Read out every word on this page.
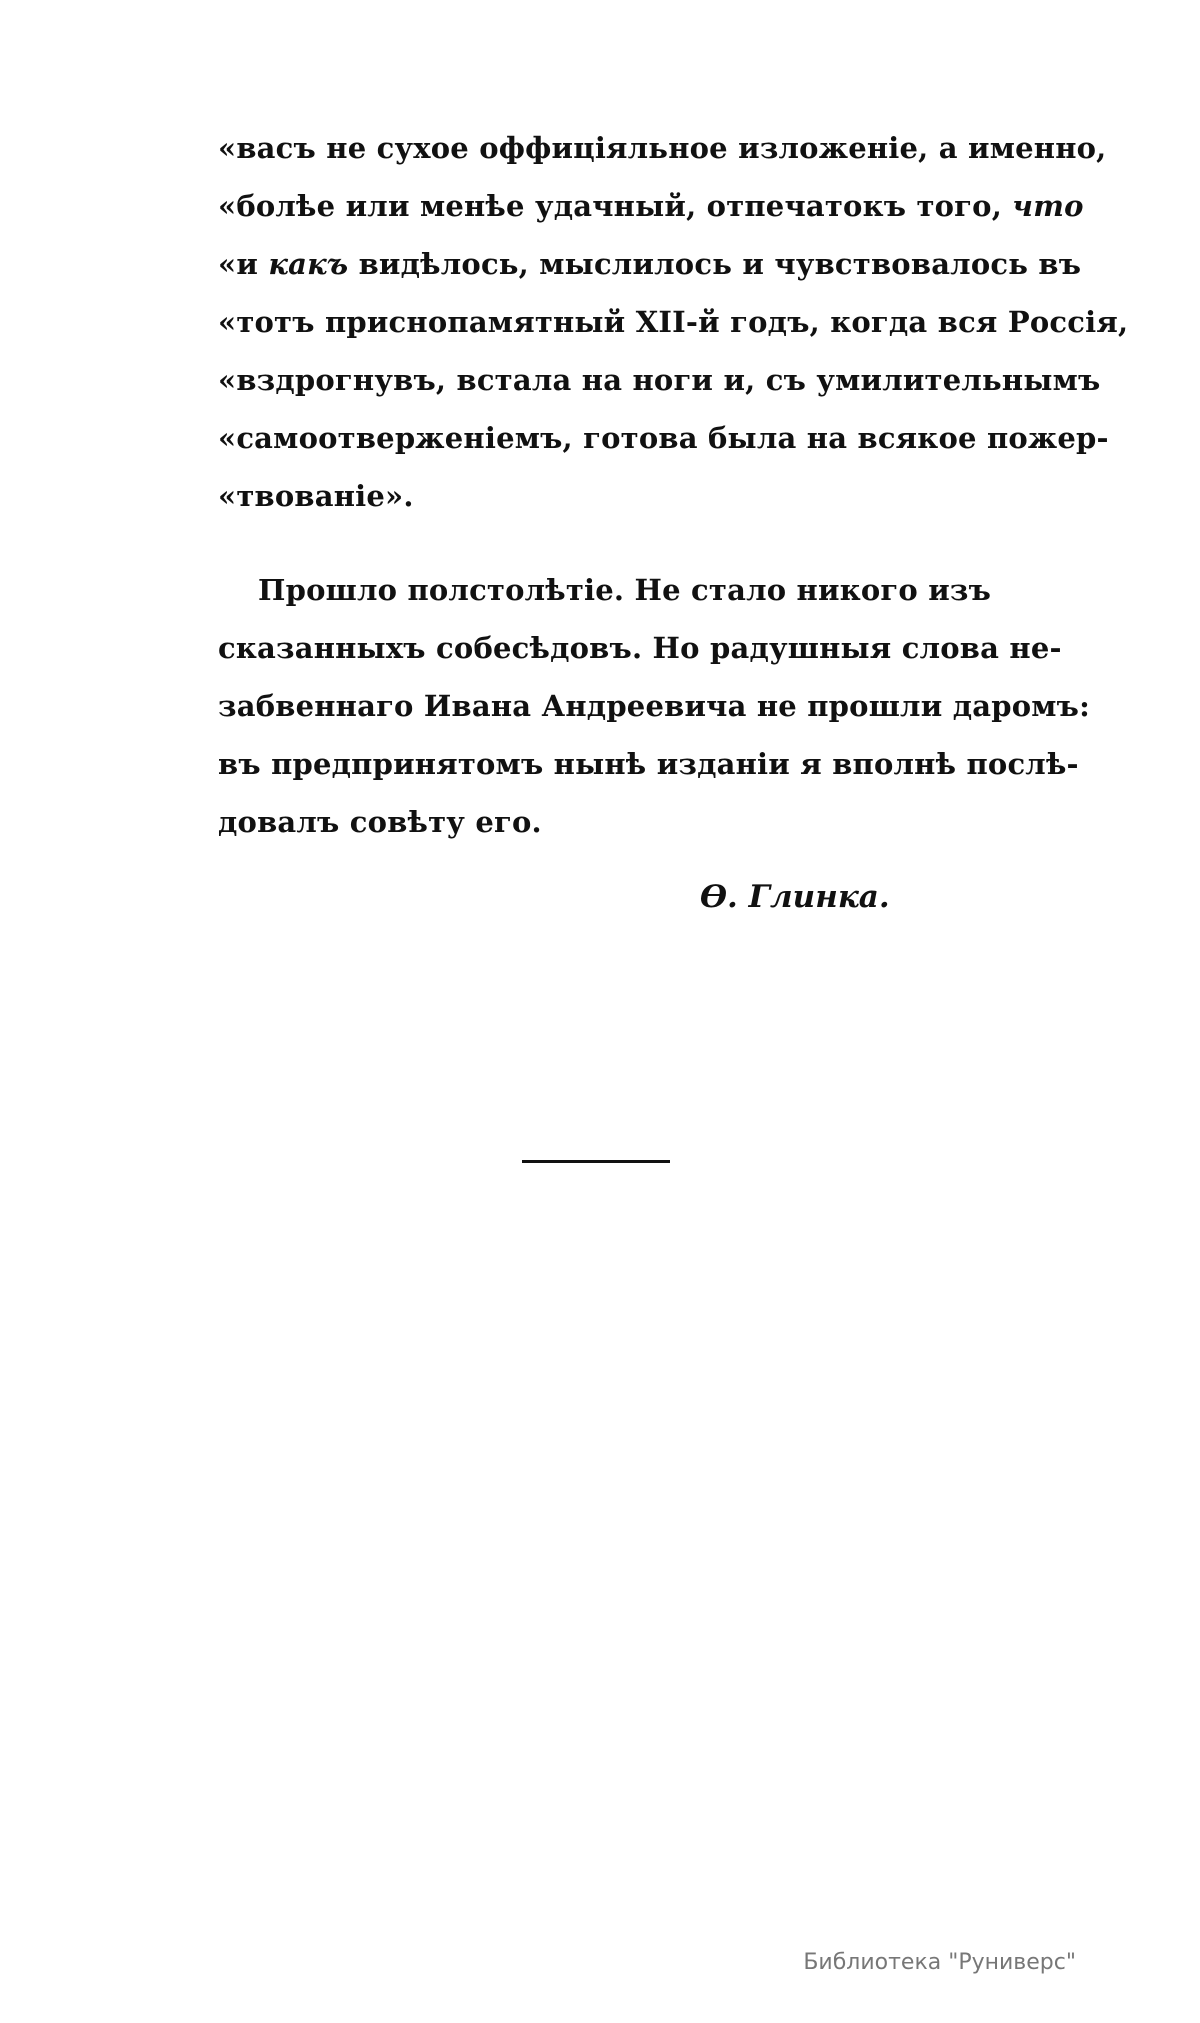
«васъ не сухое оффиціяльное изложеніе, а именно,
«болѣе или менѣе удачный, отпечатокъ того, что
«и какъ видѣлось, мыслилось и чувствовалось въ
«тотъ приснопамятный XII-й годъ, когда вся Россія,
«вздрогнувъ, встала на ноги и, съ умилительнымъ
«самоотверженіемъ, готова была на всякое пожер-
«твованіе».
Прошло полстолѣтіе. Не стало никого изъ
сказанныхъ собесѣдовъ. Но радушныя слова не-
забвеннаго Ивана Андреевича не прошли даромъ:
въ предпринятомъ нынѣ изданіи я вполнѣ послѣ-
довалъ совѣту его.
Ѳ. Глинка.
Библиотека "Руниверс"
